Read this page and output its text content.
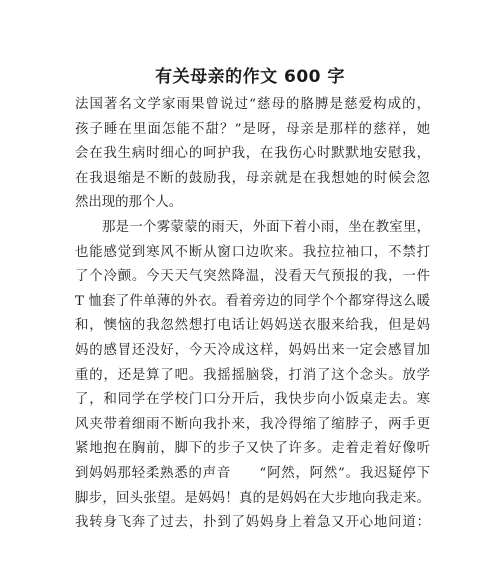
有关母亲的作文 600 字
法国著名文学家雨果曾说过“慈母的胳膊是慈爱构成的，
孩子睡在里面怎能不甜？”是呀，母亲是那样的慈祥，她
会在我生病时细心的呵护我，在我伤心时默默地安慰我，
在我退缩是不断的鼓励我，母亲就是在我想她的时候会忽
然出现的那个人。
那是一个雾蒙蒙的雨天，外面下着小雨，坐在教室里，
也能感觉到寒风不断从窗口边吹来。我拉拉袖口，不禁打
了个冷颤。今天天气突然降温，没看天气预报的我，一件
T 恤套了件单薄的外衣。看着旁边的同学个个都穿得这么暖
和，懊恼的我忽然想打电话让妈妈送衣服来给我，但是妈
妈的感冒还没好，今天冷成这样，妈妈出来一定会感冒加
重的，还是算了吧。我摇摇脑袋，打消了这个念头。放学
了，和同学在学校门口分开后，我快步向小饭桌走去。寒
风夹带着细雨不断向我扑来，我冷得缩了缩脖子，两手更
紧地抱在胸前，脚下的步子又快了许多。走着走着好像听
到妈妈那轻柔熟悉的声音　　“阿然，阿然”。我迟疑停下
脚步，回头张望。是妈妈！真的是妈妈在大步地向我走来。
我转身飞奔了过去，扑到了妈妈身上着急又开心地问道：
